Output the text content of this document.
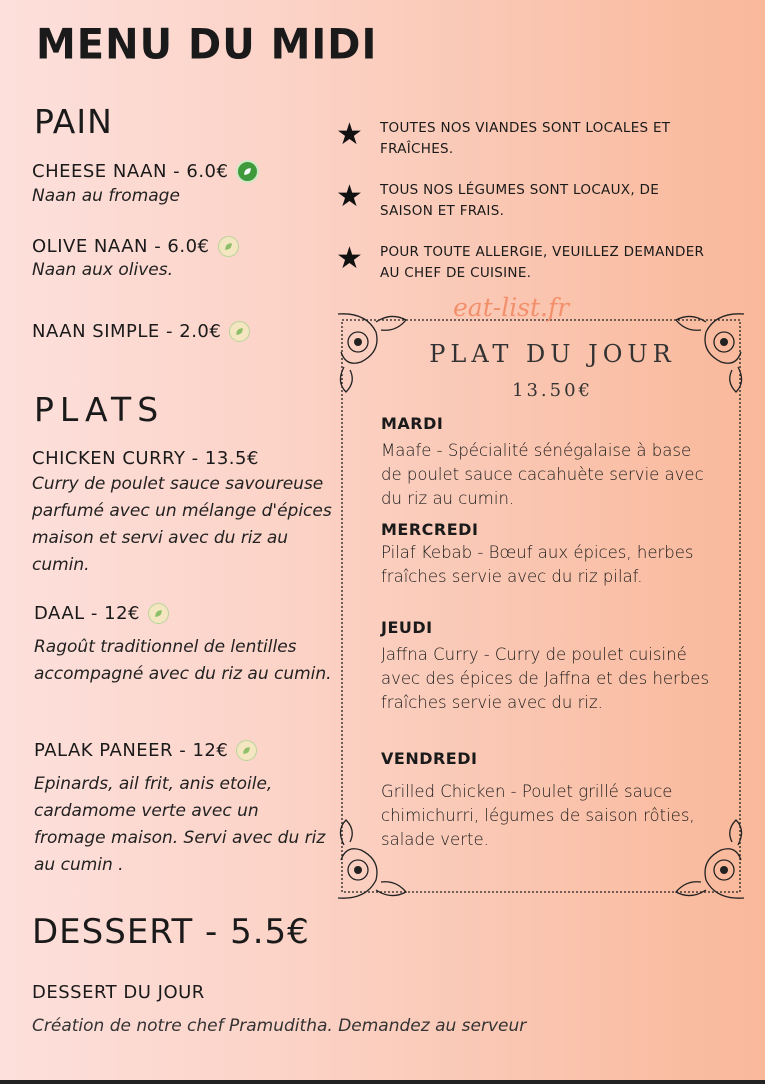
MENU DU MIDI
PAIN
CHEESE NAAN - 6.0€
Naan au fromage
OLIVE NAAN - 6.0€
Naan aux olives.
NAAN SIMPLE - 2.0€
PLATS
CHICKEN CURRY - 13.5€
Curry de poulet sauce savoureuse parfumé avec un mélange d'épices maison et servi avec du riz au cumin.
DAAL - 12€
Ragoût traditionnel de lentilles accompagné avec du riz au cumin.
PALAK PANEER - 12€
Epinards, ail frit, anis etoile, cardamome verte avec un fromage maison. Servi avec du riz au cumin .
★	TOUTES NOS VIANDES SONT LOCALES ET FRAÎCHES.
★	TOUS NOS LÉGUMES SONT LOCAUX, DE SAISON ET FRAIS.
★	POUR TOUTE ALLERGIE, VEUILLEZ DEMANDER AU CHEF DE CUISINE.
eat-list.fr
PLAT DU JOUR
13.50€
MARDI
Maafe - Spécialité sénégalaise à base de poulet sauce cacahuète servie avec du riz au cumin.
MERCREDI
Pilaf Kebab - Bœuf aux épices, herbes fraîches servie avec du riz pilaf.
JEUDI
Jaffna Curry - Curry de poulet cuisiné avec des épices de Jaffna et des herbes fraîches servie avec du riz.
VENDREDI
Grilled Chicken - Poulet grillé sauce chimichurri, légumes de saison rôties, salade verte.
DESSERT - 5.5€
DESSERT DU JOUR
Création de notre chef Pramuditha. Demandez au serveur
